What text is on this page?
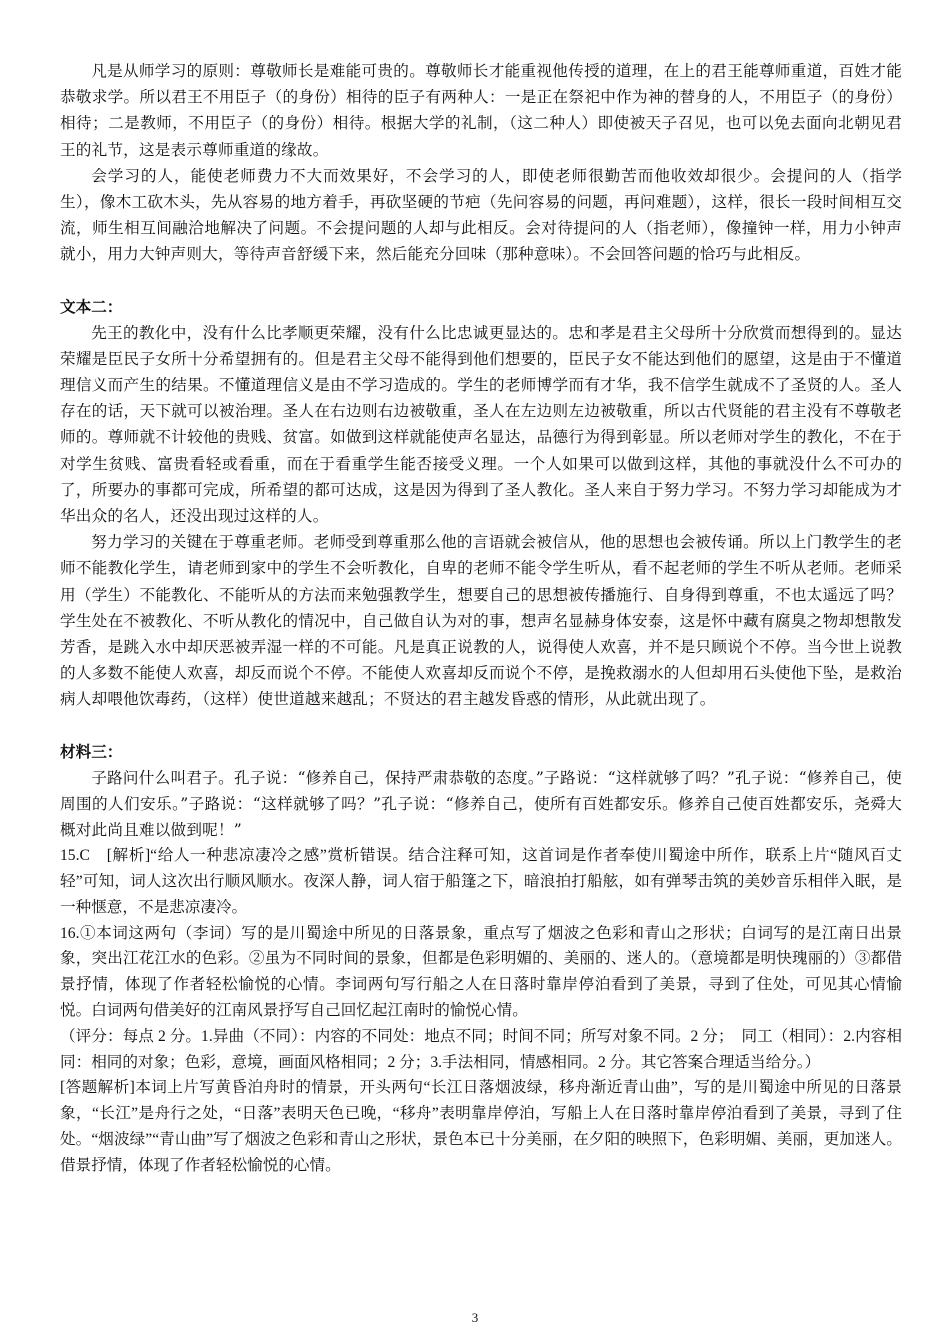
凡是从师学习的原则：尊敬师长是难能可贵的。尊敬师长才能重视他传授的道理，在上的君王能尊师重道，百姓才能恭敬求学。所以君王不用臣子（的身份）相待的臣子有两种人：一是正在祭祀中作为神的替身的人，不用臣子（的身份）相待；二是教师，不用臣子（的身份）相待。根据大学的礼制，（这二种人）即使被天子召见，也可以免去面向北朝见君王的礼节，这是表示尊师重道的缘故。

会学习的人，能使老师费力不大而效果好，不会学习的人，即使老师很勤苦而他收效却很少。会提问的人（指学生），像木工砍木头，先从容易的地方着手，再砍坚硬的节疤（先问容易的问题，再问难题），这样，很长一段时间相互交流，师生相互间融洽地解决了问题。不会提问题的人却与此相反。会对待提问的人（指老师），像撞钟一样，用力小钟声就小，用力大钟声则大，等待声音舒缓下来，然后能充分回味（那种意味）。不会回答问题的恰巧与此相反。

文本二：

先王的教化中，没有什么比孝顺更荣耀，没有什么比忠诚更显达的。忠和孝是君主父母所十分欣赏而想得到的。显达荣耀是臣民子女所十分希望拥有的。但是君主父母不能得到他们想要的，臣民子女不能达到他们的愿望，这是由于不懂道理信义而产生的结果。不懂道理信义是由不学习造成的。学生的老师博学而有才华，我不信学生就成不了圣贤的人。圣人存在的话，天下就可以被治理。圣人在右边则右边被敬重，圣人在左边则左边被敬重，所以古代贤能的君主没有不尊敬老师的。尊师就不计较他的贵贱、贫富。如做到这样就能使声名显达，品德行为得到彰显。所以老师对学生的教化，不在于对学生贫贱、富贵看轻或看重，而在于看重学生能否接受义理。一个人如果可以做到这样，其他的事就没什么不可办的了，所要办的事都可完成，所希望的都可达成，这是因为得到了圣人教化。圣人来自于努力学习。不努力学习却能成为才华出众的名人，还没出现过这样的人。

努力学习的关键在于尊重老师。老师受到尊重那么他的言语就会被信从，他的思想也会被传诵。所以上门教学生的老师不能教化学生，请老师到家中的学生不会听教化，自卑的老师不能令学生听从，看不起老师的学生不听从老师。老师采用（学生）不能教化、不能听从的方法而来勉强教学生，想要自己的思想被传播施行、自身得到尊重，不也太遥远了吗？学生处在不被教化、不听从教化的情况中，自己做自认为对的事，想声名显赫身体安泰，这是怀中藏有腐臭之物却想散发芳香，是跳入水中却厌恶被弄湿一样的不可能。凡是真正说教的人，说得使人欢喜，并不是只顾说个不停。当今世上说教的人多数不能使人欢喜，却反而说个不停。不能使人欢喜却反而说个不停，是挽救溺水的人但却用石头使他下坠，是救治病人却喂他饮毒药，（这样）使世道越来越乱；不贤达的君主越发昏惑的情形，从此就出现了。

材料三：

子路问什么叫君子。孔子说：“修养自己，保持严肃恭敬的态度。”子路说：“这样就够了吗？”孔子说：“修养自己，使周围的人们安乐。”子路说：“这样就够了吗？”孔子说：“修养自己，使所有百姓都安乐。修养自己使百姓都安乐，尧舜大概对此尚且难以做到呢！”

15.C　[解析]“给人一种悲凉凄冷之感”赏析错误。结合注释可知，这首词是作者奉使川蜀途中所作，联系上片“随风百丈轻”可知，词人这次出行顺风顺水。夜深人静，词人宿于船篷之下，暗浪拍打船舷，如有弹琴击筑的美妙音乐相伴入眠，是一种惬意，不是悲凉凄冷。

16.①本词这两句（李词）写的是川蜀途中所见的日落景象，重点写了烟波之色彩和青山之形状；白词写的是江南日出景象，突出江花江水的色彩。②虽为不同时间的景象，但都是色彩明媚的、美丽的、迷人的。（意境都是明快瑰丽的）③都借景抒情，体现了作者轻松愉悦的心情。李词两句写行船之人在日落时靠岸停泊看到了美景，寻到了住处，可见其心情愉悦。白词两句借美好的江南风景抒写自己回忆起江南时的愉悦心情。

（评分：每点 2 分。1.异曲（不同）：内容的不同处：地点不同；时间不同；所写对象不同。2 分；　同工（相同）：2.内容相同：相同的对象；色彩，意境，画面风格相同；2 分；3.手法相同，情感相同。2 分。其它答案合理适当给分。）

[答题解析]本词上片写黄昏泊舟时的情景，开头两句“长江日落烟波绿，移舟渐近青山曲”，写的是川蜀途中所见的日落景象，“长江”是舟行之处，“日落”表明天色已晚，“移舟”表明靠岸停泊，写船上人在日落时靠岸停泊看到了美景，寻到了住处。“烟波绿”“青山曲”写了烟波之色彩和青山之形状，景色本已十分美丽，在夕阳的映照下，色彩明媚、美丽，更加迷人。借景抒情，体现了作者轻松愉悦的心情。

3
